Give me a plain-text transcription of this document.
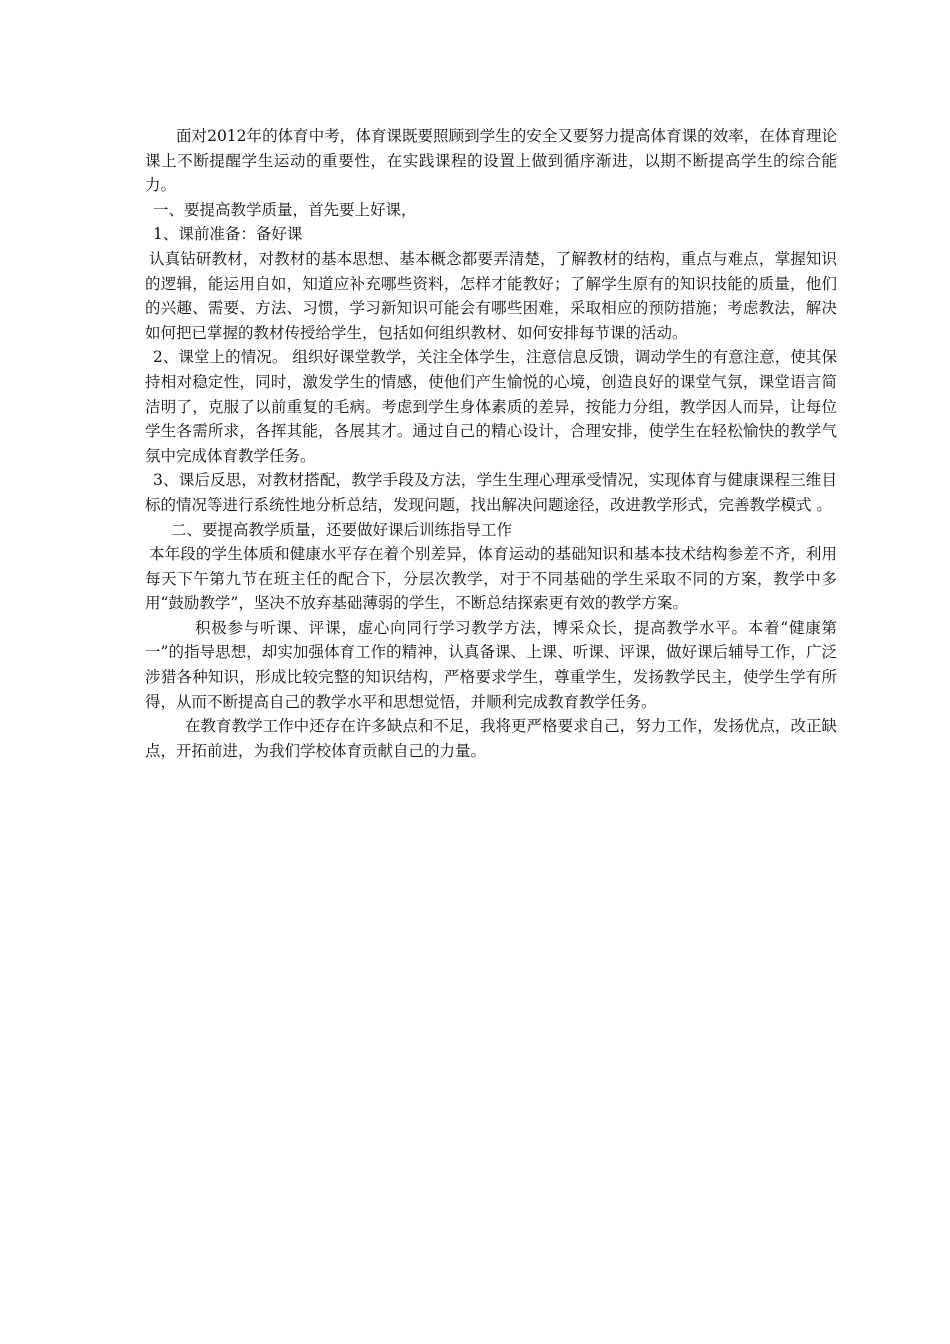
面对2012年的体育中考，体育课既要照顾到学生的安全又要努力提高体育课的效率，在体育理论课上不断提醒学生运动的重要性，在实践课程的设置上做到循序渐进，以期不断提高学生的综合能力。

一、要提高教学质量，首先要上好课，

1、课前准备：备好课

认真钻研教材，对教材的基本思想、基本概念都要弄清楚，了解教材的结构，重点与难点，掌握知识的逻辑，能运用自如，知道应补充哪些资料，怎样才能教好；了解学生原有的知识技能的质量，他们的兴趣、需要、方法、习惯，学习新知识可能会有哪些困难，采取相应的预防措施；考虑教法，解决如何把已掌握的教材传授给学生，包括如何组织教材、如何安排每节课的活动。

2、课堂上的情况。 组织好课堂教学，关注全体学生，注意信息反馈，调动学生的有意注意，使其保持相对稳定性，同时，激发学生的情感，使他们产生愉悦的心境，创造良好的课堂气氛，课堂语言简洁明了，克服了以前重复的毛病。考虑到学生身体素质的差异，按能力分组，教学因人而异，让每位学生各需所求，各挥其能，各展其才。通过自己的精心设计，合理安排，使学生在轻松愉快的教学气氛中完成体育教学任务。

3、课后反思，对教材搭配，教学手段及方法，学生生理心理承受情况，实现体育与健康课程三维目标的情况等进行系统性地分析总结，发现问题，找出解决问题途径，改进教学形式，完善教学模式 。

二、要提高教学质量，还要做好课后训练指导工作

本年段的学生体质和健康水平存在着个别差异，体育运动的基础知识和基本技术结构参差不齐，利用每天下午第九节在班主任的配合下，分层次教学，对于不同基础的学生采取不同的方案，教学中多用“鼓励教学”，坚决不放弃基础薄弱的学生，不断总结探索更有效的教学方案。

积极参与听课、评课，虚心向同行学习教学方法，博采众长，提高教学水平。本着“健康第一”的指导思想，却实加强体育工作的精神，认真备课、上课、听课、评课，做好课后辅导工作，广泛涉猎各种知识，形成比较完整的知识结构，严格要求学生，尊重学生，发扬教学民主，使学生学有所得，从而不断提高自己的教学水平和思想觉悟，并顺利完成教育教学任务。

在教育教学工作中还存在许多缺点和不足，我将更严格要求自己，努力工作，发扬优点，改正缺点，开拓前进，为我们学校体育贡献自己的力量。
